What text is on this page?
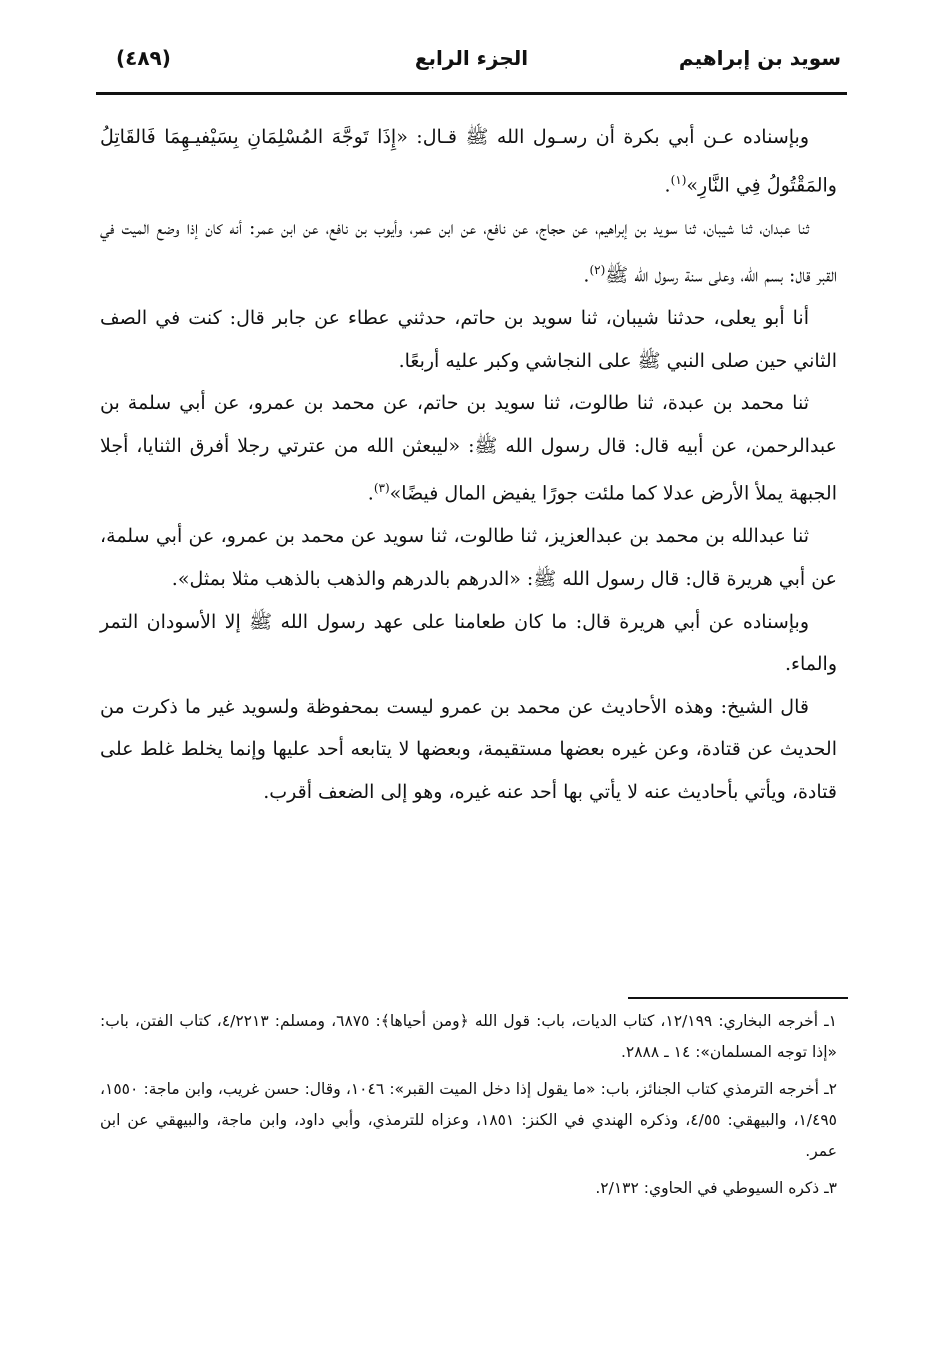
سويد بن إبراهيم
الجزء الرابع
(٤٨٩)

وبإسناده عـن أبي بكرة أن رسـول الله ﷺ قـال: «إِذَا تَوجَّهَ المُسْلِمَانِ بِسَيْفيـهِمَا فَالقَاتِلُ والمَقْتُولُ فِي النَّارِ»$^{(١)}$.

ثنا عبدان، ثنا شيبان، ثنا سويد بن إبراهيم، عن حجاج، عن نافع، عن ابن عمر، وأيوب بن نافع، عن ابن عمر: أنه كان إذا وضع الميت في القبر قال: بسم الله، وعلى سنة رسول الله ﷺ$^{(٢)}$.

أنا أبو يعلى، حدثنا شيبان، ثنا سويد بن حاتم، حدثني عطاء عن جابر قال: كنت في الصف الثاني حين صلى النبي ﷺ على النجاشي وكبر عليه أربعًا.

ثنا محمد بن عبدة، ثنا طالوت، ثنا سويد بن حاتم، عن محمد بن عمرو، عن أبي سلمة بن عبدالرحمن، عن أبيه قال: قال رسول الله ﷺ: «ليبعثن الله من عترتي رجلا أفرق الثنايا، أجلا الجبهة يملأ الأرض عدلا كما ملئت جورًا يفيض المال فيضًا»$^{(٣)}$.

ثنا عبدالله بن محمد بن عبدالعزيز، ثنا طالوت، ثنا سويد عن محمد بن عمرو، عن أبي سلمة، عن أبي هريرة قال: قال رسول الله ﷺ: «الدرهم بالدرهم والذهب بالذهب مثلا بمثل».

وبإسناده عن أبي هريرة قال: ما كان طعامنا على عهد رسول الله ﷺ إلا الأسودان التمر والماء.

قال الشيخ: وهذه الأحاديث عن محمد بن عمرو ليست بمحفوظة ولسويد غير ما ذكرت من الحديث عن قتادة، وعن غيره بعضها مستقيمة، وبعضها لا يتابعه أحد عليها وإنما يخلط غلط على قتادة، ويأتي بأحاديث عنه لا يأتي بها أحد عنه غيره، وهو إلى الضعف أقرب.

١ـ أخرجه البخاري: ١٢/١٩٩، كتاب الديات، باب: قول الله ﴿ومن أحياها﴾: ٦٨٧٥، ومسلم: ٤/٢٢١٣، كتاب الفتن، باب: «إذا توجه المسلمان»: ١٤ ـ ٢٨٨٨.

٢ـ أخرجه الترمذي كتاب الجنائز، باب: «ما يقول إذا دخل الميت القبر»: ١٠٤٦، وقال: حسن غريب، وابن ماجة: ١٥٥٠، ١/٤٩٥، والبيهقي: ٤/٥٥، وذكره الهندي في الكنز: ١٨٥١، وعزاه للترمذي، وأبي داود، وابن ماجة، والبيهقي عن ابن عمر.

٣ـ ذكره السيوطي في الحاوي: ٢/١٣٢.
